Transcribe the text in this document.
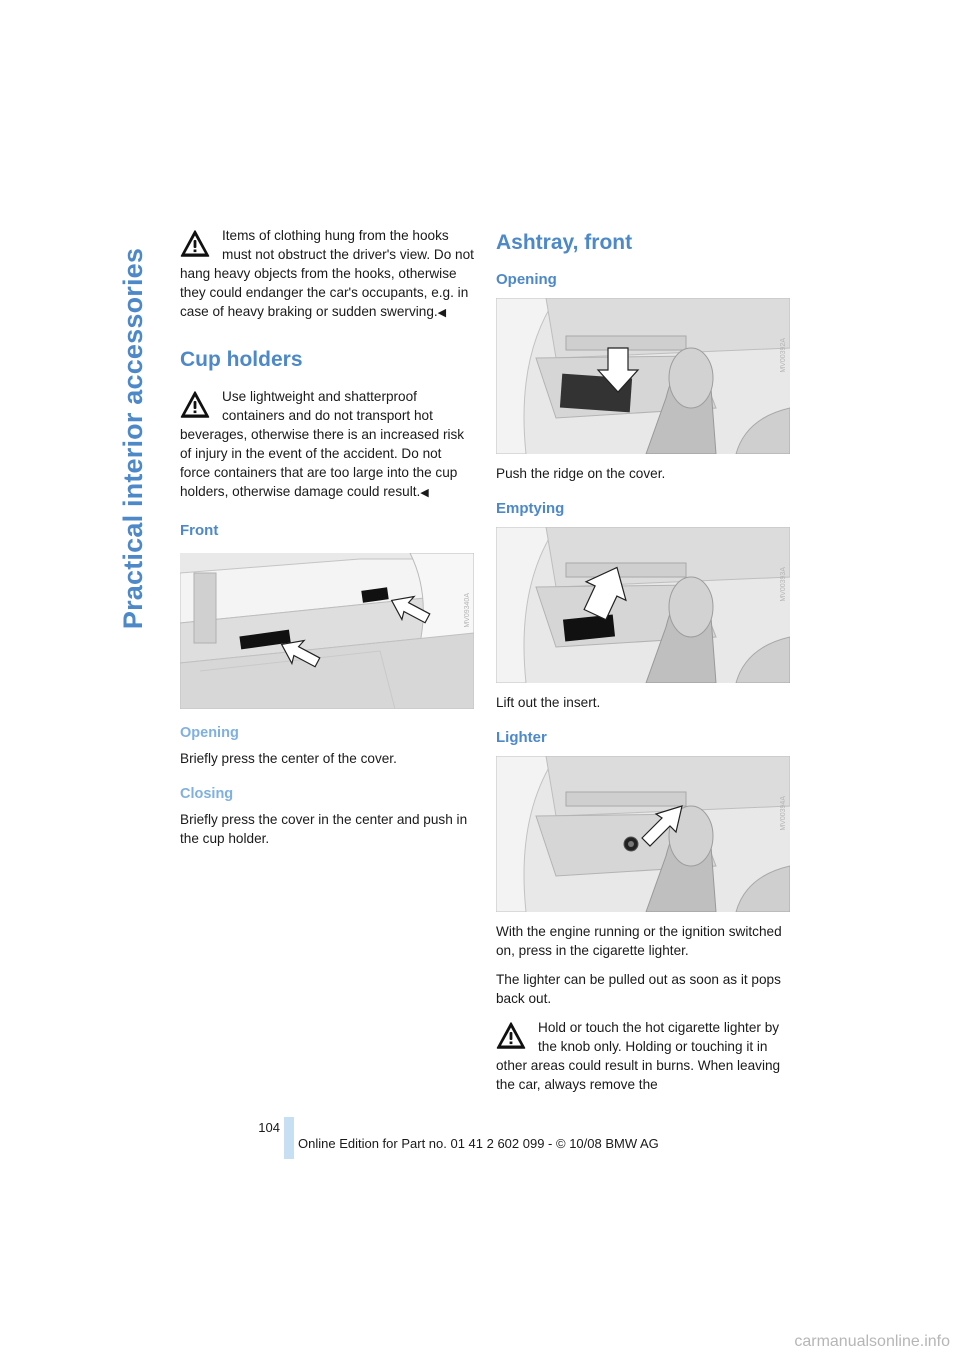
Practical interior accessories

Items of clothing hung from the hooks must not obstruct the driver's view. Do not hang heavy objects from the hooks, otherwise they could endanger the car's occupants, e.g. in case of heavy braking or sudden swerving.◀

Cup holders

Use lightweight and shatterproof containers and do not transport hot beverages, otherwise there is an increased risk of injury in the event of the accident. Do not force containers that are too large into the cup holders, otherwise damage could result.◀

Front
MV09340A
Opening

Briefly press the center of the cover.

Closing

Briefly press the cover in the center and push in the cup holder.

Ashtray, front
Opening
MV00392A

Push the ridge on the cover.

Emptying
MV00393A

Lift out the insert.

Lighter
MV00394A

With the engine running or the ignition switched on, press in the cigarette lighter.

The lighter can be pulled out as soon as it pops back out.

Hold or touch the hot cigarette lighter by the knob only. Holding or touching it in other areas could result in burns. When leaving the car, always remove the

104
Online Edition for Part no. 01 41 2 602 099 - © 10/08 BMW AG
carmanualsonline.info
